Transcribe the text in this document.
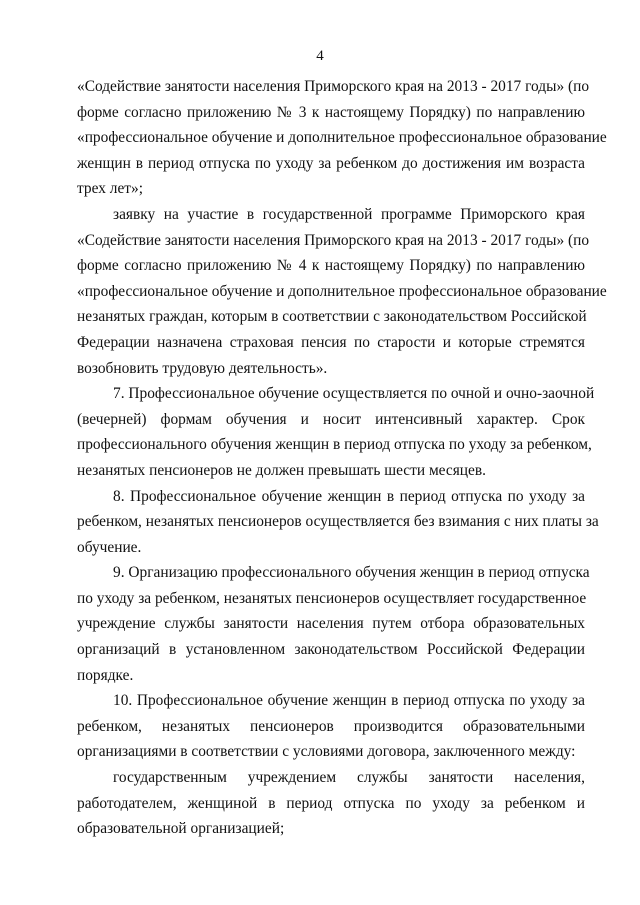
4

«Содействие занятости населения Приморского края на 2013 - 2017 годы» (по
форме согласно приложению № 3 к настоящему Порядку) по направлению
«профессиональное обучение и дополнительное профессиональное образование
женщин в период отпуска по уходу за ребенком до достижения им возраста
трех лет»;

заявку на участие в государственной программе Приморского края
«Содействие занятости населения Приморского края на 2013 - 2017 годы» (по
форме согласно приложению № 4 к настоящему Порядку) по направлению
«профессиональное обучение и дополнительное профессиональное образование
незанятых граждан, которым в соответствии с законодательством Российской
Федерации назначена страховая пенсия по старости и которые стремятся
возобновить трудовую деятельность».

7. Профессиональное обучение осуществляется по очной и очно-заочной
(вечерней) формам обучения и носит интенсивный характер. Срок
профессионального обучения женщин в период отпуска по уходу за ребенком,
незанятых пенсионеров не должен превышать шести месяцев.

8. Профессиональное обучение женщин в период отпуска по уходу за
ребенком, незанятых пенсионеров осуществляется без взимания с них платы за
обучение.

9. Организацию профессионального обучения женщин в период отпуска
по уходу за ребенком, незанятых пенсионеров осуществляет государственное
учреждение службы занятости населения путем отбора образовательных
организаций в установленном законодательством Российской Федерации
порядке.

10. Профессиональное обучение женщин в период отпуска по уходу за
ребенком, незанятых пенсионеров производится образовательными
организациями в соответствии с условиями договора, заключенного между:

государственным учреждением службы занятости населения,
работодателем, женщиной в период отпуска по уходу за ребенком и
образовательной организацией;
